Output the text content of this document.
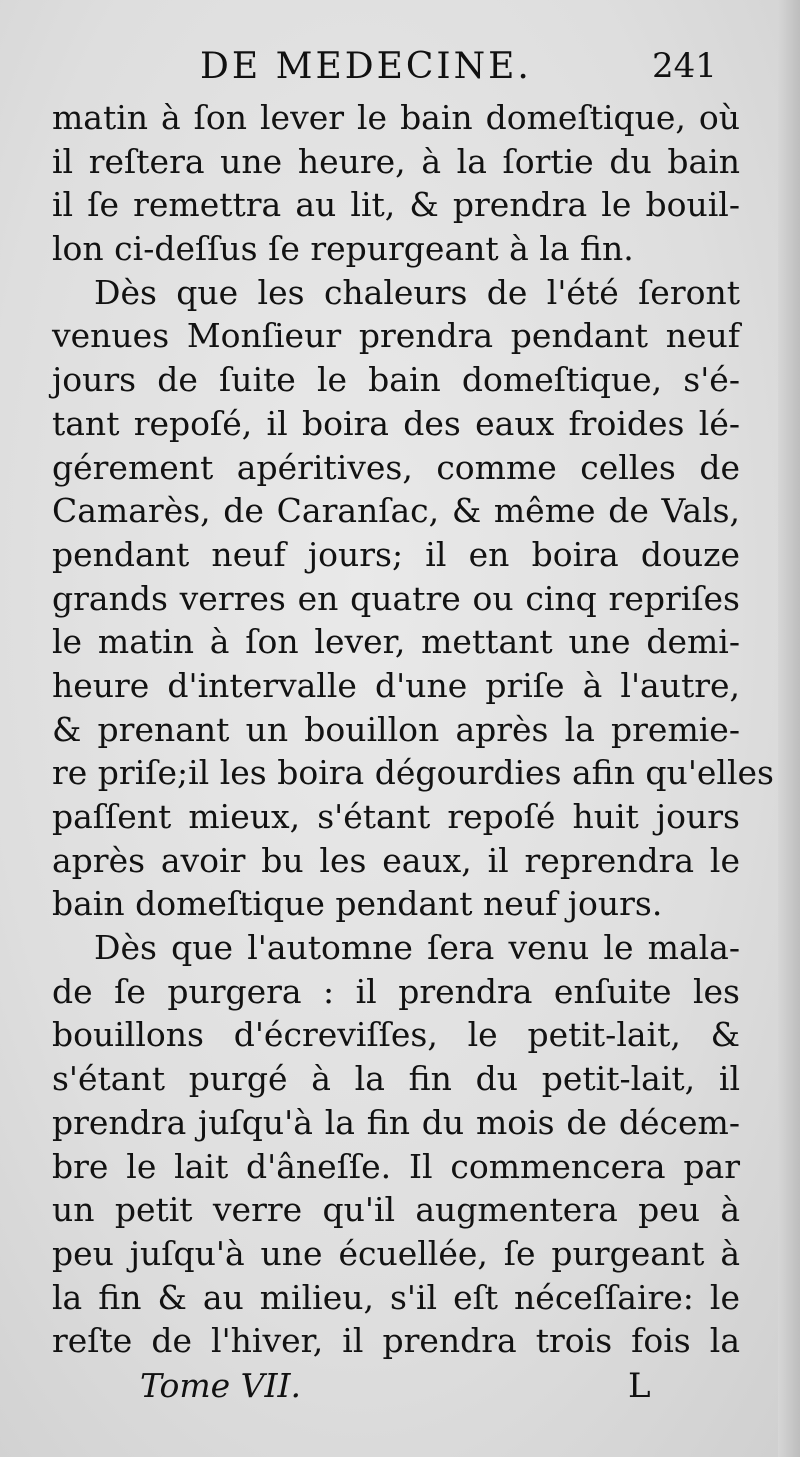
DE MEDECINE.	241
matin à ſon lever le bain domeſtique, où
il reſtera une heure, à la ſortie du bain
il ſe remettra au lit, & prendra le bouil-
lon ci-deſſus ſe repurgeant à la fin.
Dès que les chaleurs de l'été ſeront
venues Monſieur prendra pendant neuf
jours de ſuite le bain domeſtique, s'é-
tant repoſé, il boira des eaux froides lé-
gérement apéritives, comme celles de
Camarès, de Caranſac, & même de Vals,
pendant neuf jours; il en boira douze
grands verres en quatre ou cinq repriſes
le matin à ſon lever, mettant une demi-
heure d'intervalle d'une priſe à l'autre,
& prenant un bouillon après la premie-
re priſe;il les boira dégourdies afin qu'elles
paſſent mieux, s'étant repoſé huit jours
après avoir bu les eaux, il reprendra le
bain domeſtique pendant neuf jours.
Dès que l'automne ſera venu le mala-
de ſe purgera : il prendra enſuite les
bouillons d'écreviſſes, le petit-lait, &
s'étant purgé à la fin du petit-lait, il
prendra juſqu'à la fin du mois de décem-
bre le lait d'âneſſe. Il commencera par
un petit verre qu'il augmentera peu à
peu juſqu'à une écuellée, ſe purgeant à
la fin & au milieu, s'il eſt néceſſaire: le
reſte de l'hiver, il prendra trois fois la
Tome VII.	L
